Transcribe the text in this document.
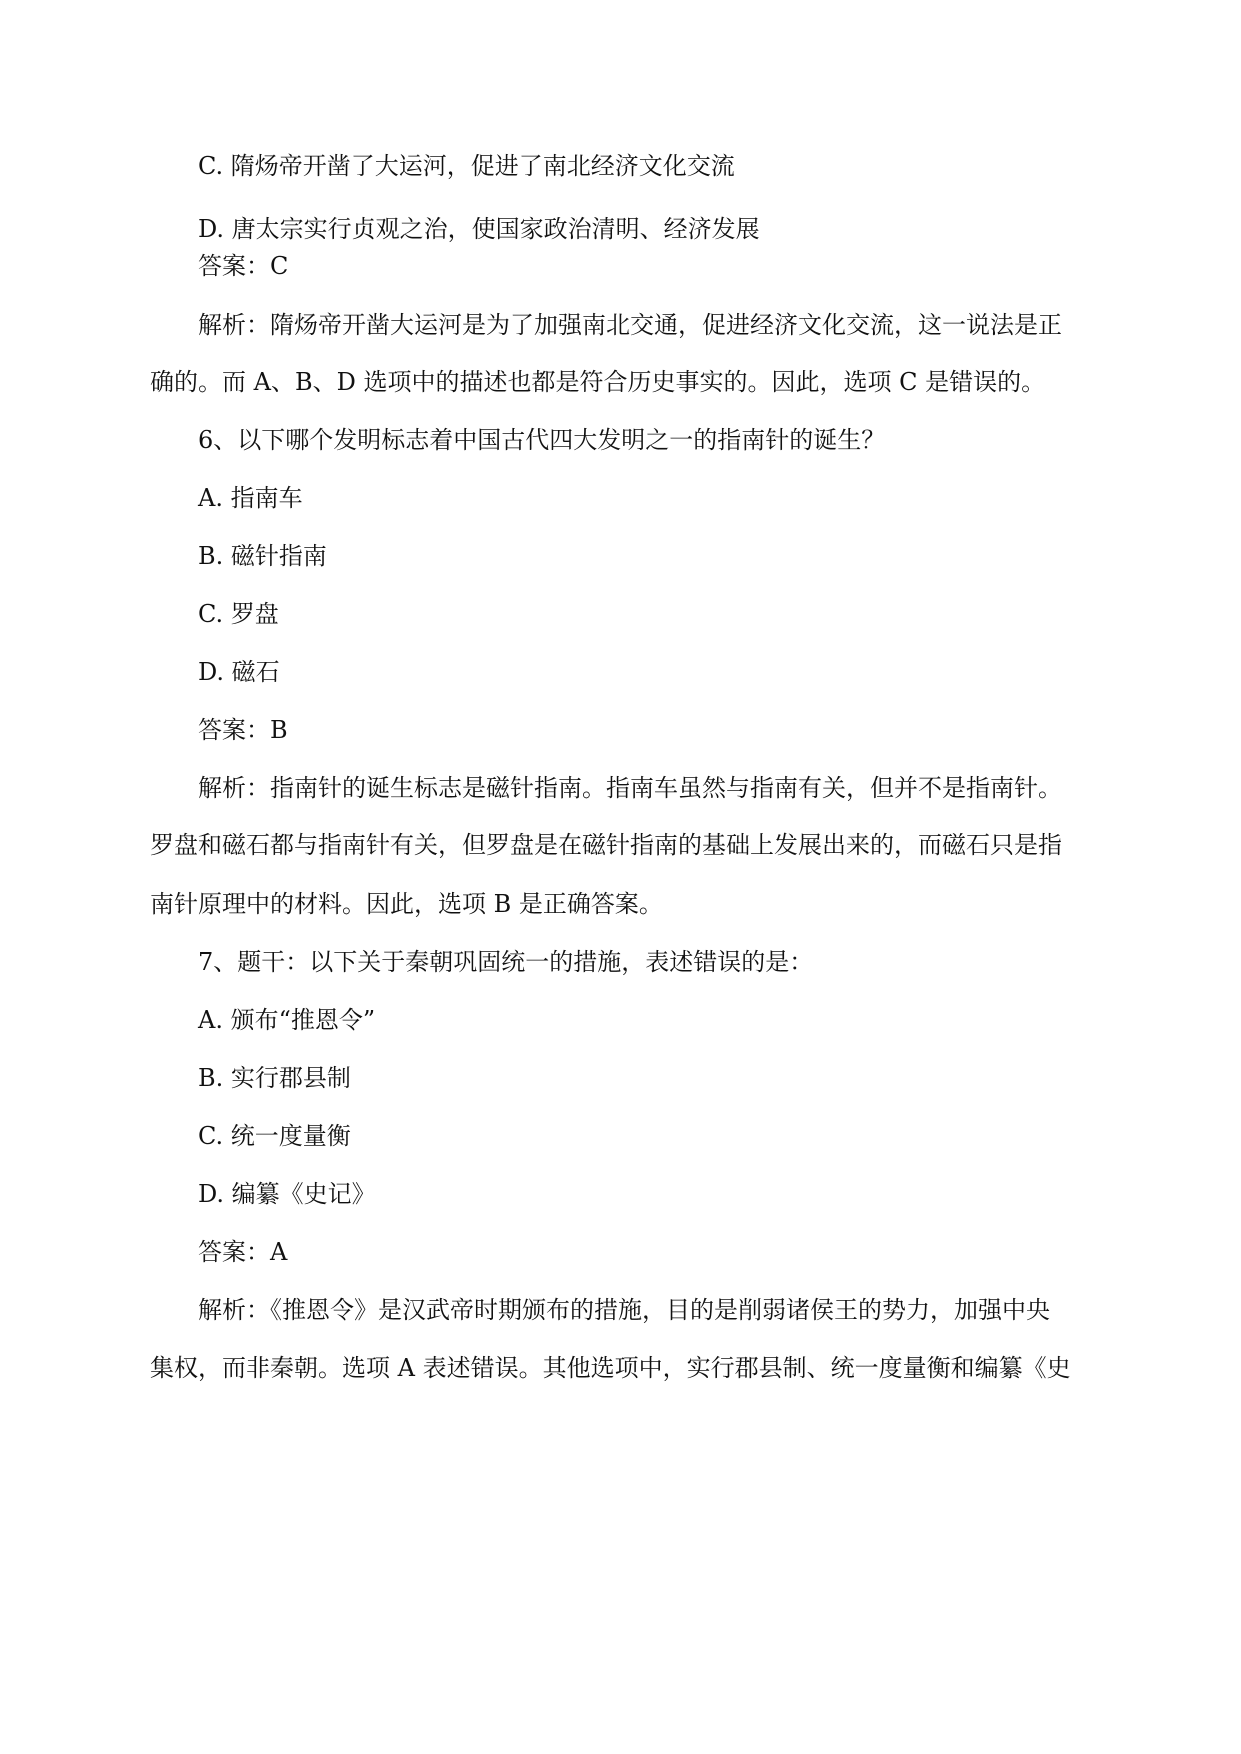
C. 隋炀帝开凿了大运河，促进了南北经济文化交流
D. 唐太宗实行贞观之治，使国家政治清明、经济发展
答案：C
解析：隋炀帝开凿大运河是为了加强南北交通，促进经济文化交流，这一说法是正
确的。而 A、B、D 选项中的描述也都是符合历史事实的。因此，选项 C 是错误的。
6、以下哪个发明标志着中国古代四大发明之一的指南针的诞生？
A. 指南车
B. 磁针指南
C. 罗盘
D. 磁石
答案：B
解析：指南针的诞生标志是磁针指南。指南车虽然与指南有关，但并不是指南针。
罗盘和磁石都与指南针有关，但罗盘是在磁针指南的基础上发展出来的，而磁石只是指
南针原理中的材料。因此，选项 B 是正确答案。
7、题干：以下关于秦朝巩固统一的措施，表述错误的是：
A. 颁布“推恩令”
B. 实行郡县制
C. 统一度量衡
D. 编纂《史记》
答案：A
解析：《推恩令》是汉武帝时期颁布的措施，目的是削弱诸侯王的势力，加强中央
集权，而非秦朝。选项 A 表述错误。其他选项中，实行郡县制、统一度量衡和编纂《史
